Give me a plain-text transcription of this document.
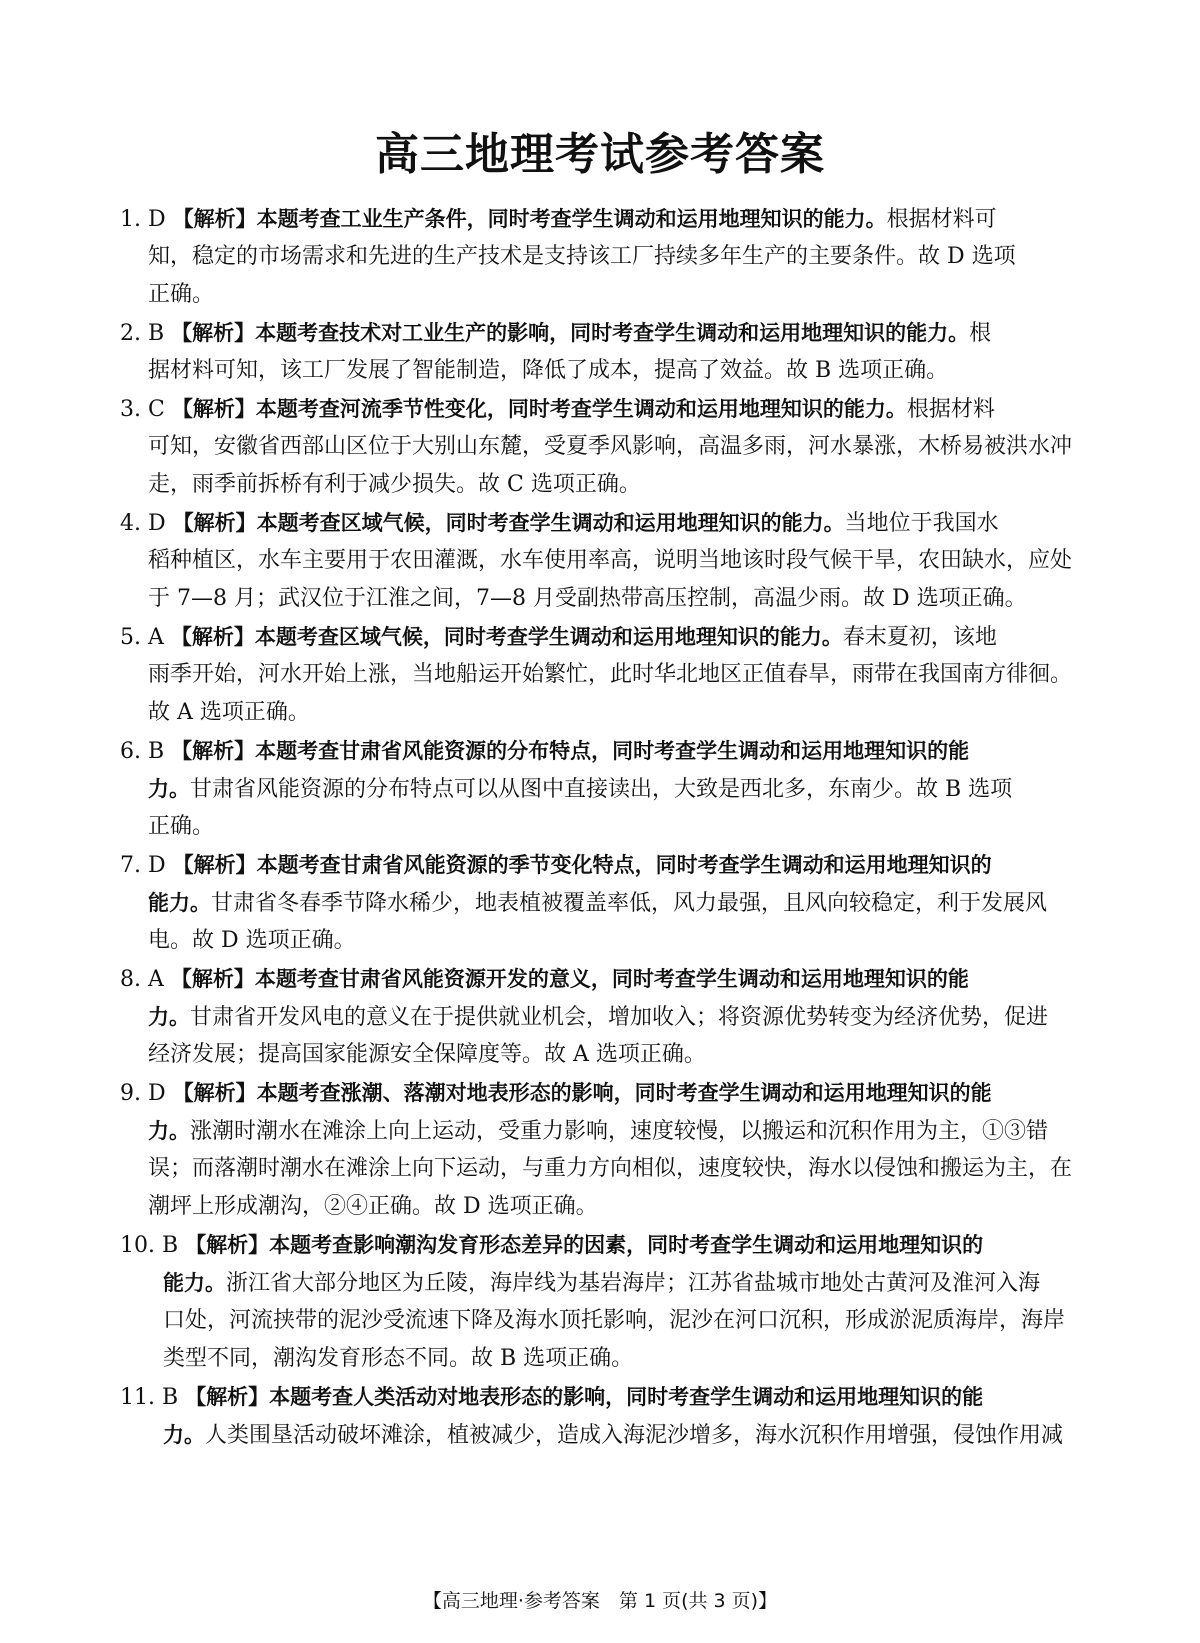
高三地理考试参考答案
1. D 【解析】本题考查工业生产条件，同时考查学生调动和运用地理知识的能力。根据材料可
知，稳定的市场需求和先进的生产技术是支持该工厂持续多年生产的主要条件。故 D 选项
正确。
2. B 【解析】本题考查技术对工业生产的影响，同时考查学生调动和运用地理知识的能力。根
据材料可知，该工厂发展了智能制造，降低了成本，提高了效益。故 B 选项正确。
3. C 【解析】本题考查河流季节性变化，同时考查学生调动和运用地理知识的能力。根据材料
可知，安徽省西部山区位于大别山东麓，受夏季风影响，高温多雨，河水暴涨，木桥易被洪水冲
走，雨季前拆桥有利于减少损失。故 C 选项正确。
4. D 【解析】本题考查区域气候，同时考查学生调动和运用地理知识的能力。当地位于我国水
稻种植区，水车主要用于农田灌溉，水车使用率高，说明当地该时段气候干旱，农田缺水，应处
于 7—8 月；武汉位于江淮之间，7—8 月受副热带高压控制，高温少雨。故 D 选项正确。
5. A 【解析】本题考查区域气候，同时考查学生调动和运用地理知识的能力。春末夏初，该地
雨季开始，河水开始上涨，当地船运开始繁忙，此时华北地区正值春旱，雨带在我国南方徘徊。
故 A 选项正确。
6. B 【解析】本题考查甘肃省风能资源的分布特点，同时考查学生调动和运用地理知识的能
力。甘肃省风能资源的分布特点可以从图中直接读出，大致是西北多，东南少。故 B 选项
正确。
7. D 【解析】本题考查甘肃省风能资源的季节变化特点，同时考查学生调动和运用地理知识的
能力。甘肃省冬春季节降水稀少，地表植被覆盖率低，风力最强，且风向较稳定，利于发展风
电。故 D 选项正确。
8. A 【解析】本题考查甘肃省风能资源开发的意义，同时考查学生调动和运用地理知识的能
力。甘肃省开发风电的意义在于提供就业机会，增加收入；将资源优势转变为经济优势，促进
经济发展；提高国家能源安全保障度等。故 A 选项正确。
9. D 【解析】本题考查涨潮、落潮对地表形态的影响，同时考查学生调动和运用地理知识的能
力。涨潮时潮水在滩涂上向上运动，受重力影响，速度较慢，以搬运和沉积作用为主，①③错
误；而落潮时潮水在滩涂上向下运动，与重力方向相似，速度较快，海水以侵蚀和搬运为主，在
潮坪上形成潮沟，②④正确。故 D 选项正确。
10. B 【解析】本题考查影响潮沟发育形态差异的因素，同时考查学生调动和运用地理知识的
能力。浙江省大部分地区为丘陵，海岸线为基岩海岸；江苏省盐城市地处古黄河及淮河入海
口处，河流挟带的泥沙受流速下降及海水顶托影响，泥沙在河口沉积，形成淤泥质海岸，海岸
类型不同，潮沟发育形态不同。故 B 选项正确。
11. B 【解析】本题考查人类活动对地表形态的影响，同时考查学生调动和运用地理知识的能
力。人类围垦活动破坏滩涂，植被减少，造成入海泥沙增多，海水沉积作用增强，侵蚀作用减
【高三地理·参考答案　第 1 页(共 3 页)】
